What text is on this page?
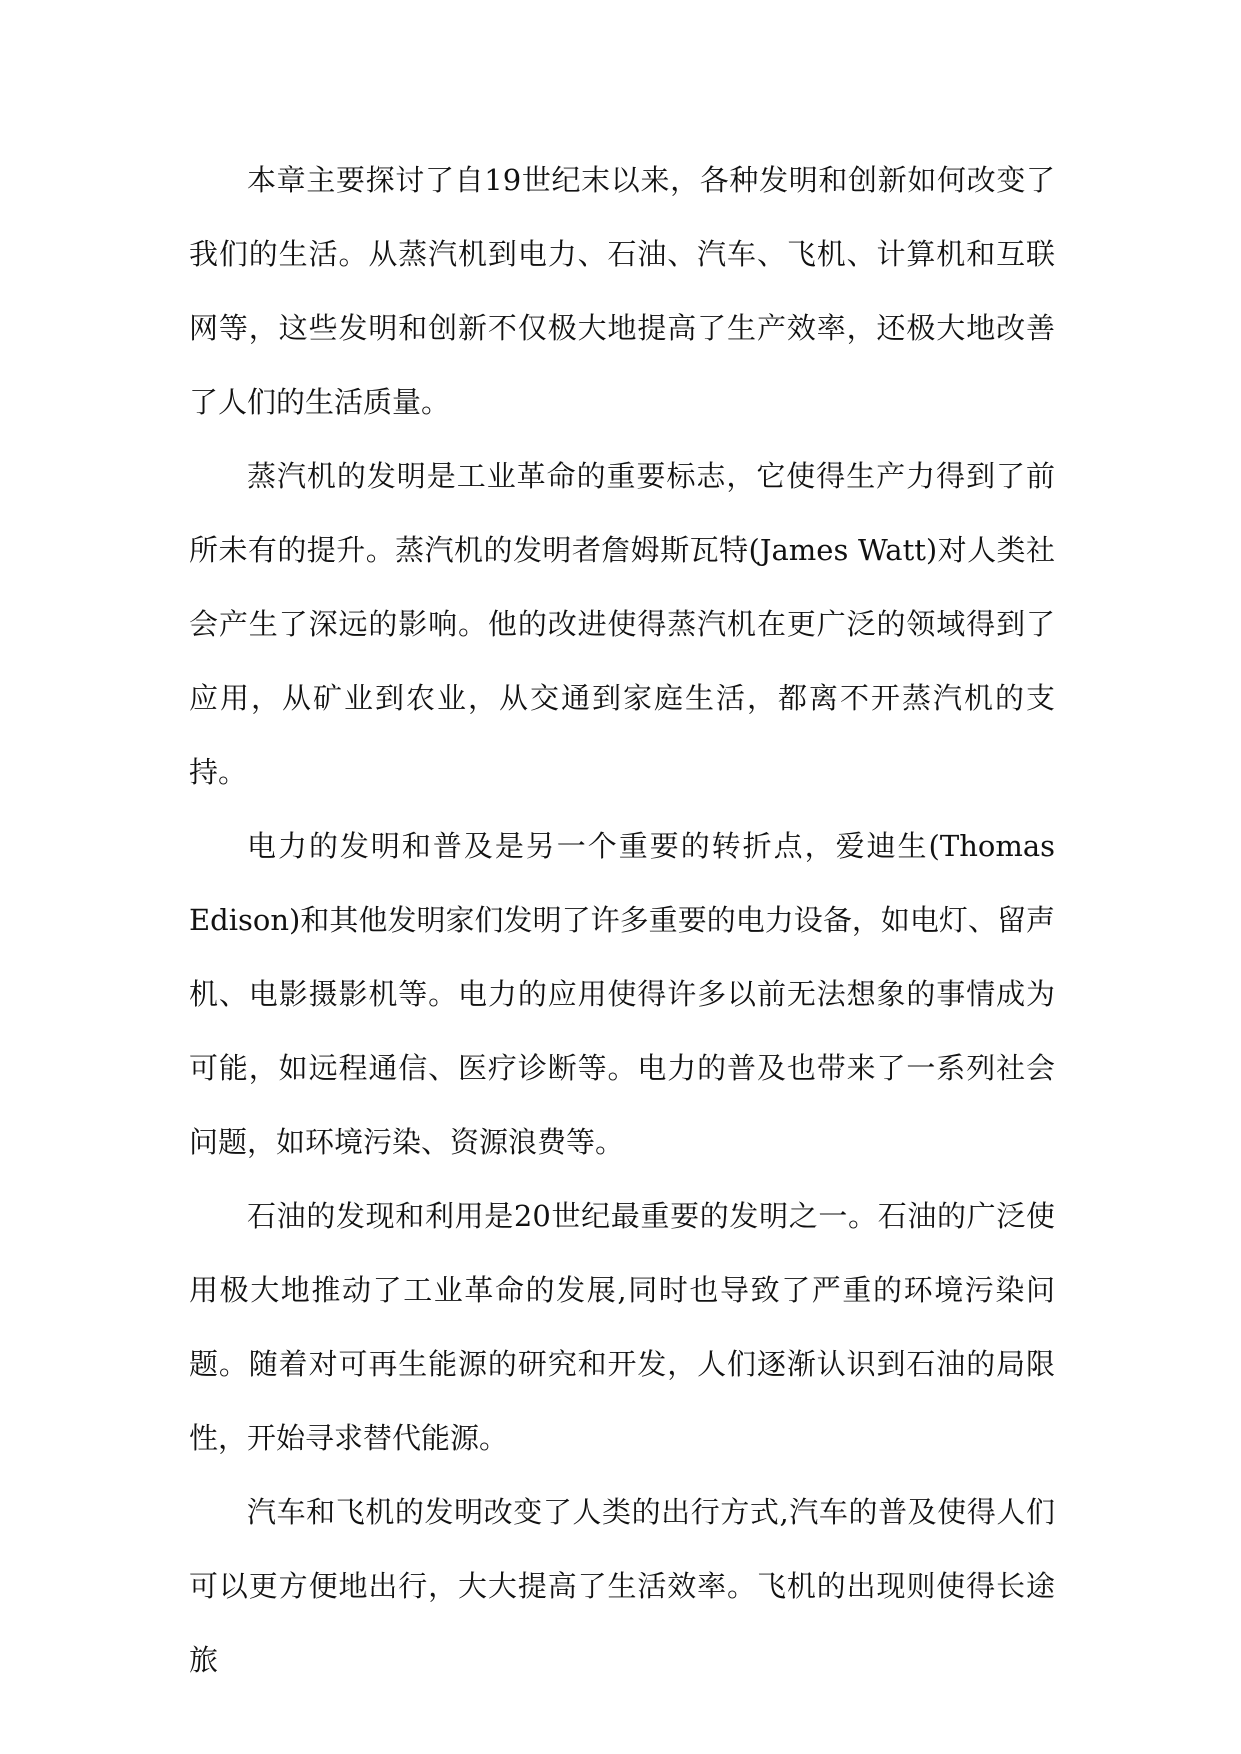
本章主要探讨了自19世纪末以来，各种发明和创新如何改变了我们的生活。从蒸汽机到电力、石油、汽车、飞机、计算机和互联网等，这些发明和创新不仅极大地提高了生产效率，还极大地改善了人们的生活质量。

蒸汽机的发明是工业革命的重要标志，它使得生产力得到了前所未有的提升。蒸汽机的发明者詹姆斯瓦特(James Watt)对人类社会产生了深远的影响。他的改进使得蒸汽机在更广泛的领域得到了应用，从矿业到农业，从交通到家庭生活，都离不开蒸汽机的支持。

电力的发明和普及是另一个重要的转折点，爱迪生(Thomas Edison)和其他发明家们发明了许多重要的电力设备，如电灯、留声机、电影摄影机等。电力的应用使得许多以前无法想象的事情成为可能，如远程通信、医疗诊断等。电力的普及也带来了一系列社会问题，如环境污染、资源浪费等。

石油的发现和利用是20世纪最重要的发明之一。石油的广泛使用极大地推动了工业革命的发展,同时也导致了严重的环境污染问题。随着对可再生能源的研究和开发，人们逐渐认识到石油的局限性，开始寻求替代能源。

汽车和飞机的发明改变了人类的出行方式,汽车的普及使得人们可以更方便地出行，大大提高了生活效率。飞机的出现则使得长途旅
